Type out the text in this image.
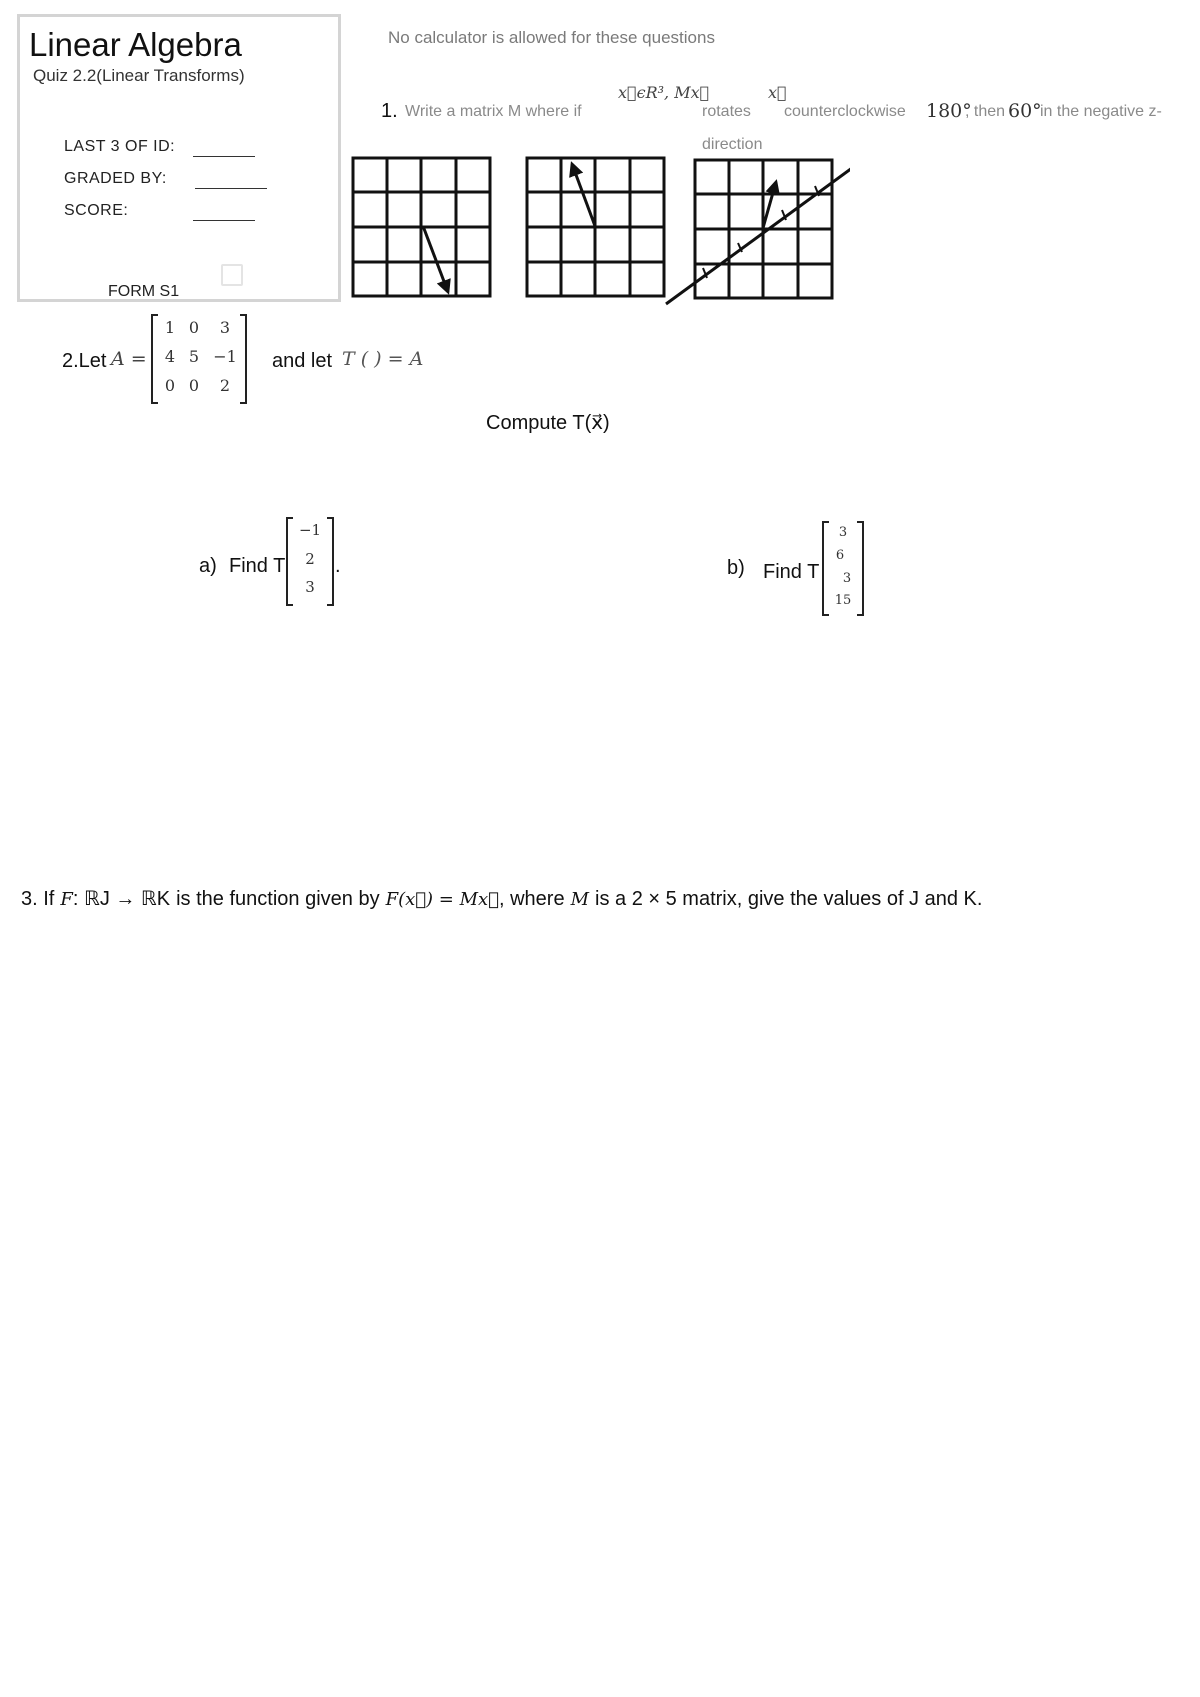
Linear Algebra
Quiz 2.2(Linear Transforms)
LAST 3 OF ID:
GRADED BY:
SCORE:
FORM S1
No calculator is allowed for these questions
1. Write a matrix M where if
x⃗ϵR³, Mx⃗
rotates
x⃗
counterclockwise 180°
, then 60°
in the negative z-
direction
2.Let A =
1 0	3
4 5 −1
0 0	2
and let T ( ) = A
Compute T(x⃗)
a) Find T
−1
2
3
.	b) Find T
3
6
3
15
3. If F : ℝJ → ℝK is the function given by F(x⃗) = Mx⃗ , where M is a 2 × 5 matrix, give the values of J and K.
